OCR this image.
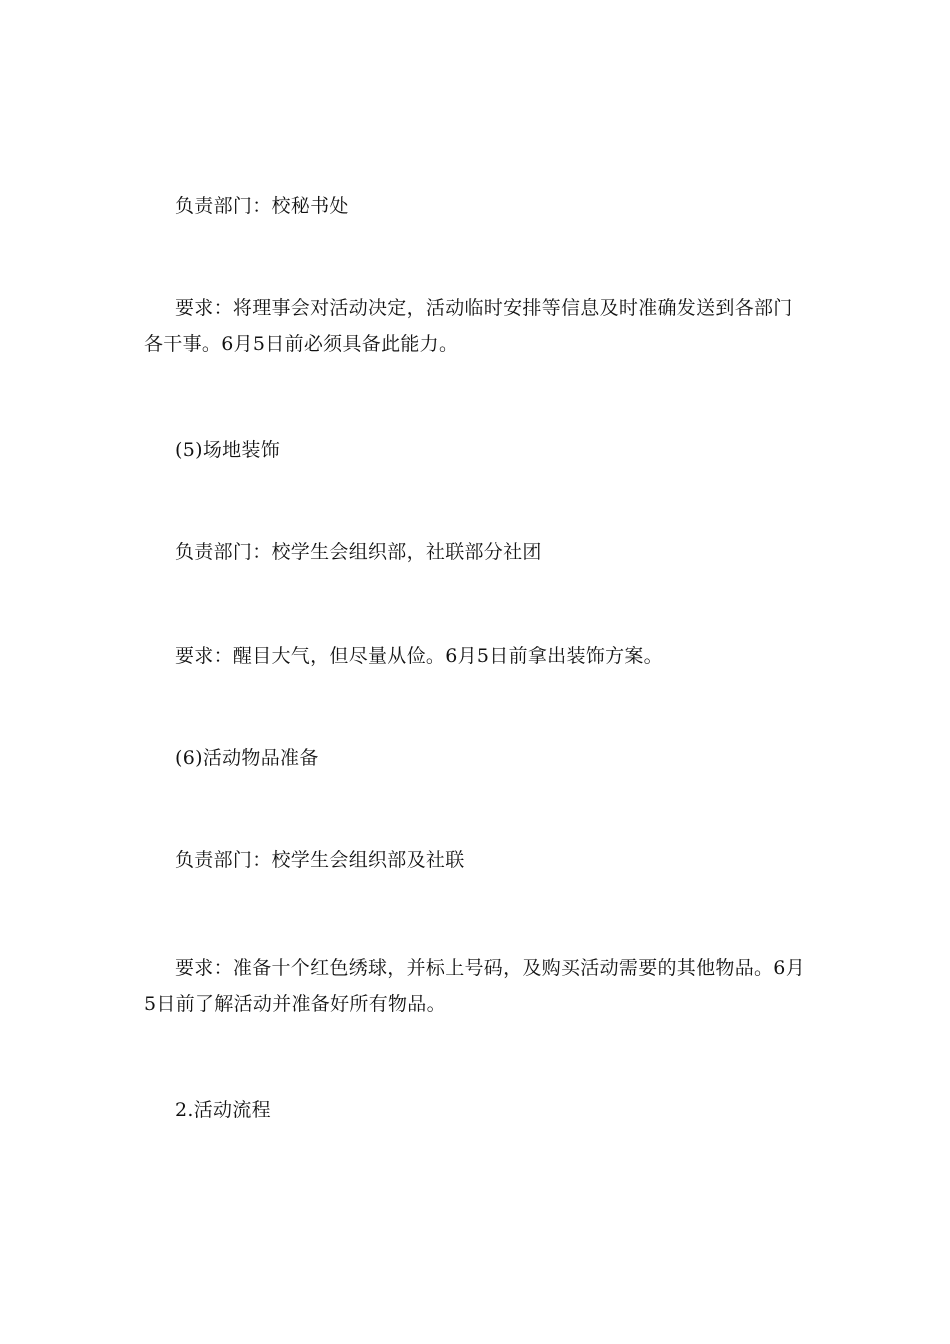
负责部门：校秘书处

要求：将理事会对活动决定，活动临时安排等信息及时准确发送到各部门各干事。6月5日前必须具备此能力。

(5)场地装饰

负责部门：校学生会组织部，社联部分社团

要求：醒目大气，但尽量从俭。6月5日前拿出装饰方案。

(6)活动物品准备

负责部门：校学生会组织部及社联

要求：准备十个红色绣球，并标上号码，及购买活动需要的其他物品。6月5日前了解活动并准备好所有物品。

2.活动流程
